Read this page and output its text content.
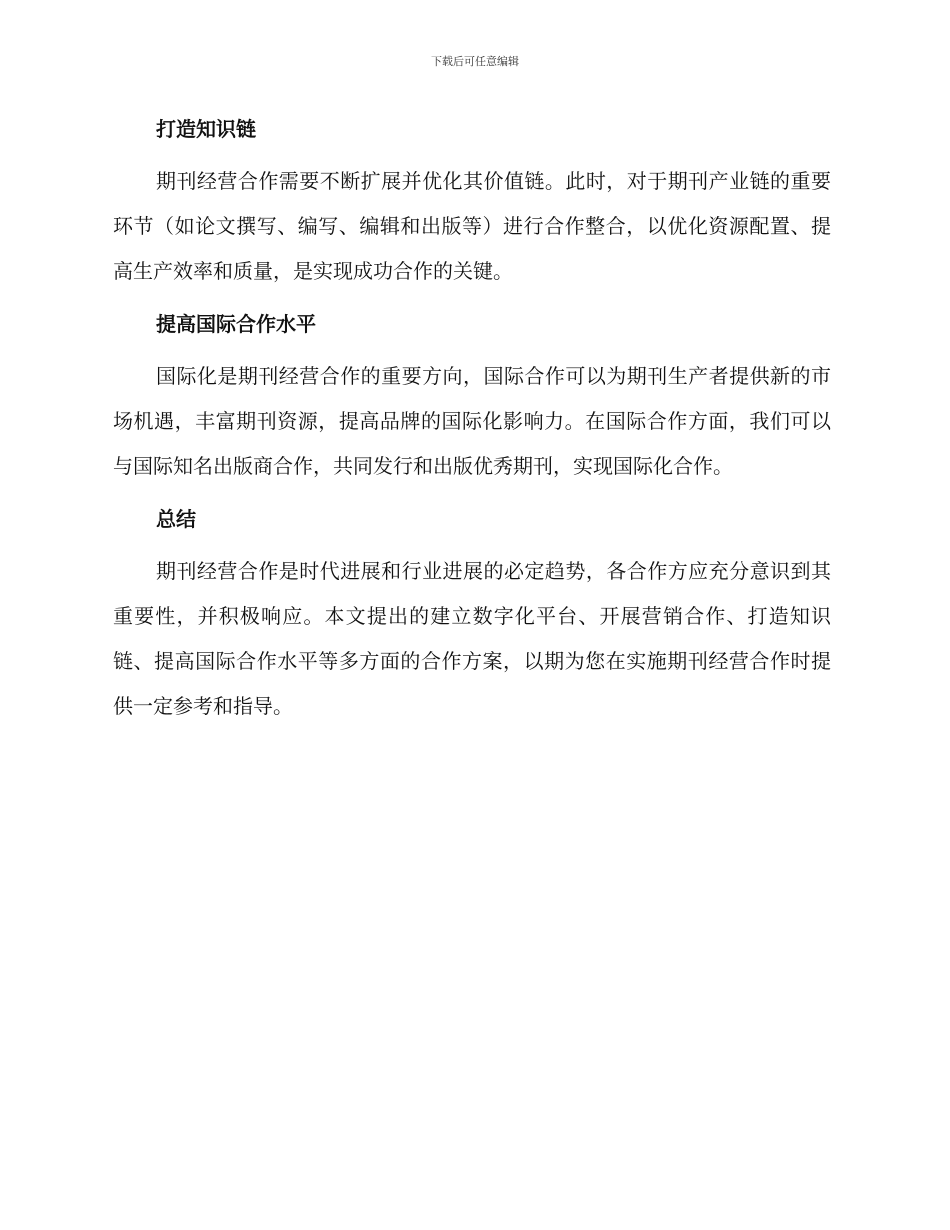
下载后可任意编辑
打造知识链

期刊经营合作需要不断扩展并优化其价值链。此时，对于期刊产业链的重要环节（如论文撰写、编写、编辑和出版等）进行合作整合，以优化资源配置、提高生产效率和质量，是实现成功合作的关键。

提高国际合作水平

国际化是期刊经营合作的重要方向，国际合作可以为期刊生产者提供新的市场机遇，丰富期刊资源，提高品牌的国际化影响力。在国际合作方面，我们可以与国际知名出版商合作，共同发行和出版优秀期刊，实现国际化合作。

总结

期刊经营合作是时代进展和行业进展的必定趋势，各合作方应充分意识到其重要性，并积极响应。本文提出的建立数字化平台、开展营销合作、打造知识链、提高国际合作水平等多方面的合作方案，以期为您在实施期刊经营合作时提供一定参考和指导。
